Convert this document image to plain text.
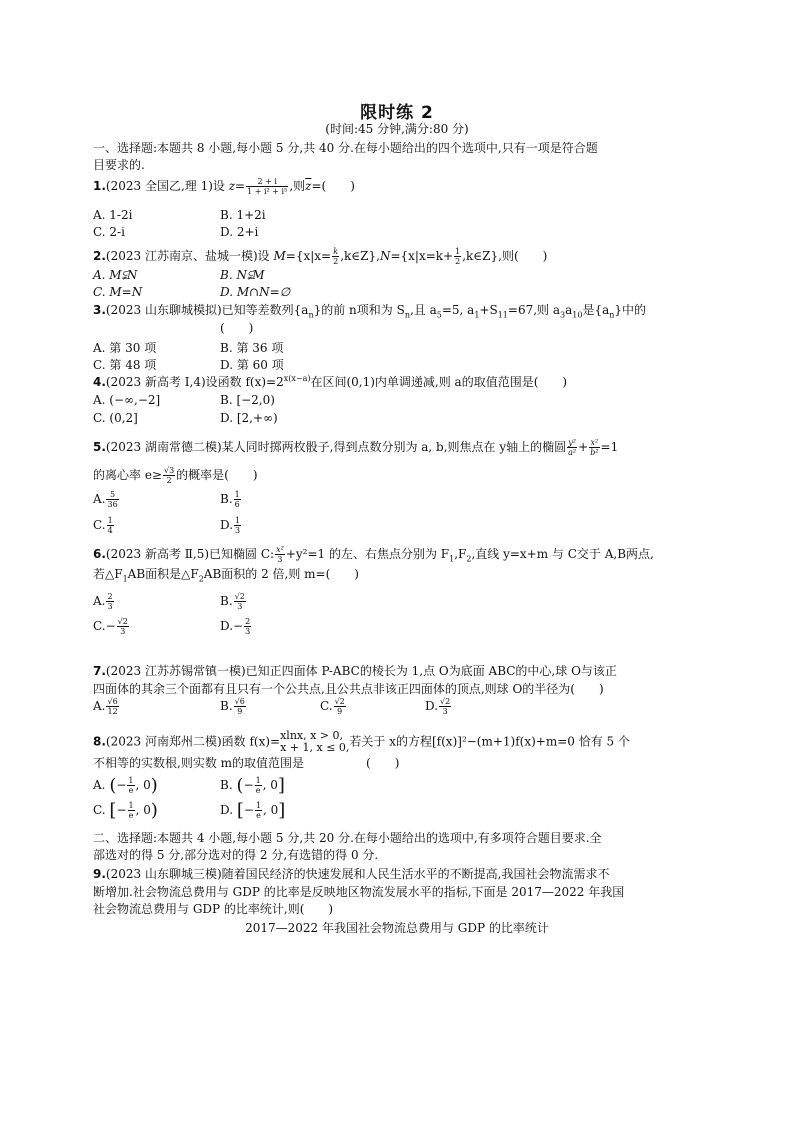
限时练 2
(时间:45 分钟,满分:80 分)
一、选择题:本题共 8 小题,每小题 5 分,共 40 分.在每小题给出的四个选项中,只有一项是符合题
目要求的.
1.(2023 全国乙,理 1)设 $z= \frac{2 + i}{\text{1 + i² + i⁵}}$ ,则$\overline{z}=$(　　)
A. 1-2i	B. 1+2i
C. 2-i	D. 2+i
2.(2023 江苏南京、盐城一模)设 $M=\{x|x= \frac{k}{2}$ ,k∈Z},N={x|x=k+ $\frac{1}{2}$ ,k∈Z},则(　　)
A. M⫋N	B. N⫋M
C. M=N	D. M∩N=∅
3.(2023 山东聊城模拟)已知等差数列$\{a_n\}$的前 n项和为 $S_n$,且 $a_5=5$, $a_1+S_{11}=67$,则 $a_3a_{10}$是$\{a_n\}$中的
(　　)
A. 第 30 项	B. 第 36 项
C. 第 48 项	D. 第 60 项
4.(2023 新高考 Ⅰ,4)设函数 $f(x)=2^{x(x-a)}$在区间(0,1)内单调递减,则 a的取值范围是(　　)
A. (−∞,−2]	B. [−2,0)
C. (0,2]	D. [2,+∞)
5.(2023 湖南常德二模)某人同时掷两枚骰子,得到点数分别为 a, b,则焦点在 y轴上的椭圆 $\frac{\text{y²}}{\text{a²}} + \frac{\text{x²}}{\text{b²}} =1$
的离心率 $e\ge \frac{√3}{2}$ 的概率是(　　)
A. $\frac{5}{36}$	B. $\frac{1}{6}$
C. $\frac{1}{4}$	D. $\frac{1}{3}$
6.(2023 新高考 Ⅱ,5)已知椭圆 C: $\frac{\text{x²}}{3} +y^2=1$ 的左、右焦点分别为 $F_1,F_2$,直线 y=x+m 与 C交于 A,B两点,
若$\triangle F_1AB$面积是$\triangle F_2AB$面积的 2 倍,则 m=(　　)
A. $\frac{2}{3}$	B. $\frac{√2}{3}$
$C.- \frac{√2}{3}$	$D.- \frac{2}{3}$
7.(2023 江苏苏锡常镇一模)已知正四面体 P-ABC的棱长为 1,点 O为底面 ABC的中心,球 O与该正
四面体的其余三个面都有且只有一个公共点,且公共点非该正四面体的顶点,则球 O的半径为(　　)
A. $\frac{√6}{12}$	B. $\frac{√6}{9}$	C. $\frac{√2}{9}$	D. $\frac{√2}{3}$
8.(2023 河南郑州二模)函数 f(x)= xlnx, x > 0,
x + 1, x ≤ 0, 若关于 x的方程[f(x)]²−(m+1)f(x)+m=0 恰有 5 个
不相等的实数根,则实数 m的取值范围是	(　　)
A. (− $\frac{1}{e}$ , 0)	B. (− $\frac{1}{e}$ , 0]
C. [− $\frac{1}{e}$ , 0)	D. [− $\frac{1}{e}$ , 0]
二、选择题:本题共 4 小题,每小题 5 分,共 20 分.在每小题给出的选项中,有多项符合题目要求.全
部选对的得 5 分,部分选对的得 2 分,有选错的得 0 分.
9.(2023 山东聊城三模)随着国民经济的快速发展和人民生活水平的不断提高,我国社会物流需求不
断增加.社会物流总费用与 GDP 的比率是反映地区物流发展水平的指标,下面是 2017—2022 年我国
社会物流总费用与 GDP 的比率统计,则(　　)
2017—2022 年我国社会物流总费用与 GDP 的比率统计
